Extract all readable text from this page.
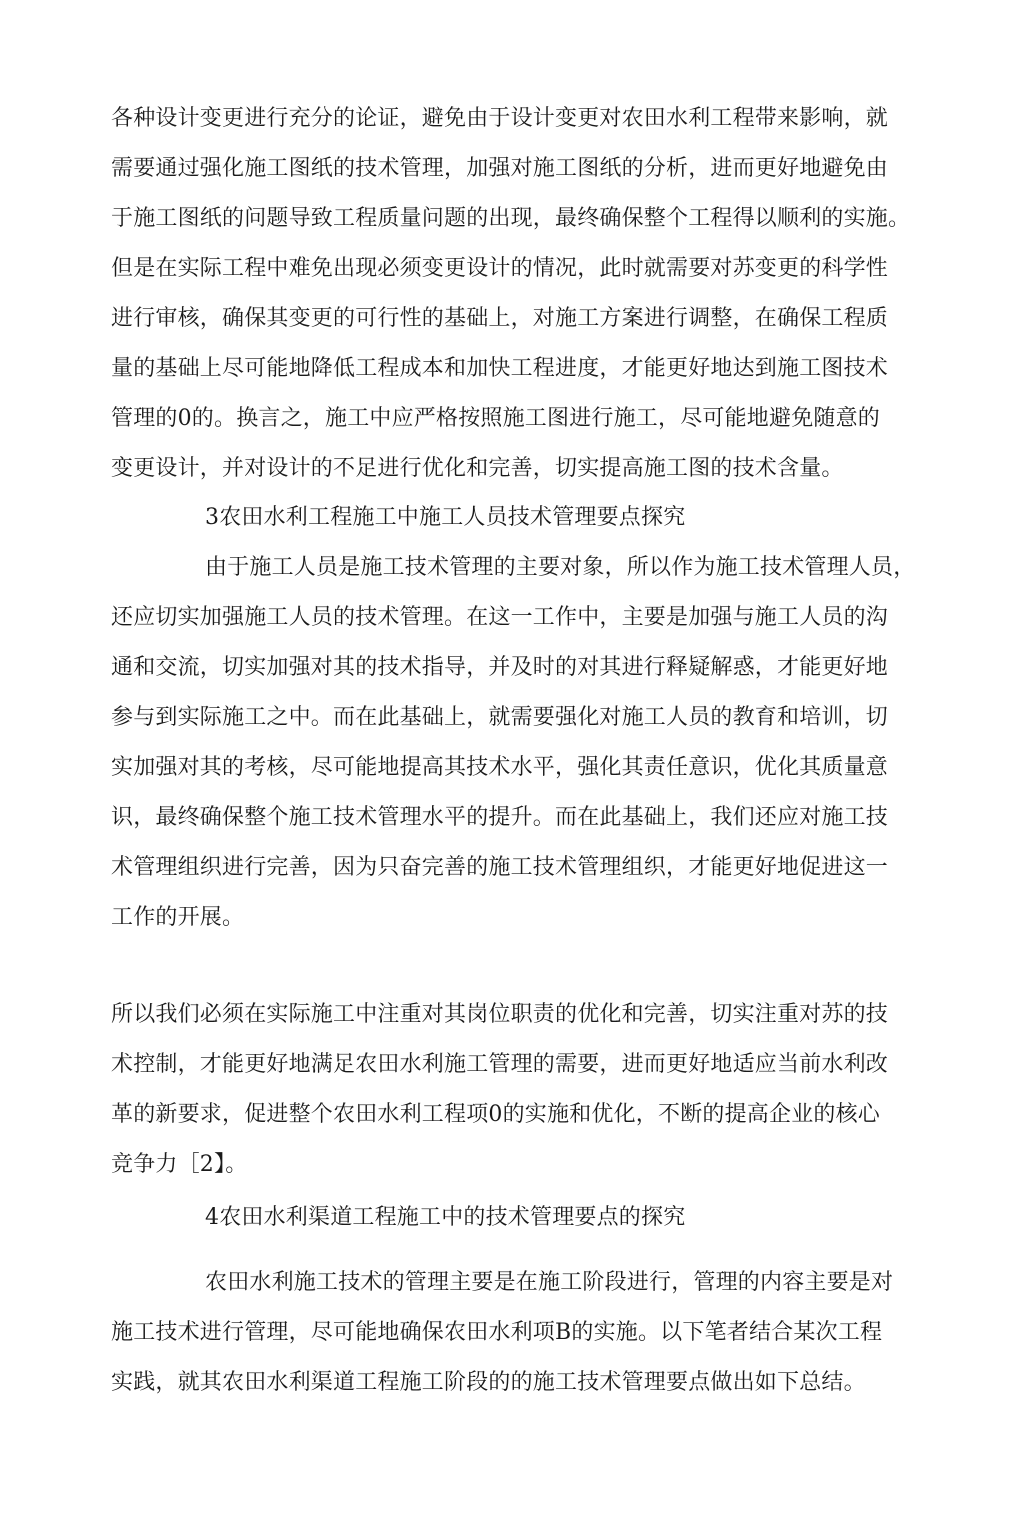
各种设计变更进行充分的论证，避免由于设计变更对农田水利工程带来影响，就
需要通过强化施工图纸的技术管理，加强对施工图纸的分析，进而更好地避免由
于施工图纸的问题导致工程质量问题的出现，最终确保整个工程得以顺利的实施。
但是在实际工程中难免出现必须变更设计的情况，此时就需要对苏变更的科学性
进行审核，确保其变更的可行性的基础上，对施工方案进行调整，在确保工程质
量的基础上尽可能地降低工程成本和加快工程进度，才能更好地达到施工图技术
管理的0的。换言之，施工中应严格按照施工图进行施工，尽可能地避免随意的
变更设计，并对设计的不足进行优化和完善，切实提高施工图的技术含量。
3农田水利工程施工中施工人员技术管理要点探究
由于施工人员是施工技术管理的主要对象，所以作为施工技术管理人员，
还应切实加强施工人员的技术管理。在这一工作中，主要是加强与施工人员的沟
通和交流，切实加强对其的技术指导，并及时的对其进行释疑解惑，才能更好地
参与到实际施工之中。而在此基础上，就需要强化对施工人员的教育和培训，切
实加强对其的考核，尽可能地提高其技术水平，强化其责任意识，优化其质量意
识，最终确保整个施工技术管理水平的提升。而在此基础上，我们还应对施工技
术管理组织进行完善，因为只奋完善的施工技术管理组织，才能更好地促进这一
工作的开展。
所以我们必须在实际施工中注重对其岗位职责的优化和完善，切实注重对苏的技
术控制，才能更好地满足农田水利施工管理的需要，进而更好地适应当前水利改
革的新要求，促进整个农田水利工程项0的实施和优化，不断的提高企业的核心
竞争力［2】。
4农田水利渠道工程施工中的技术管理要点的探究
农田水利施工技术的管理主要是在施工阶段进行，管理的内容主要是对
施工技术进行管理，尽可能地确保农田水利项B的实施。以下笔者结合某次工程
实践，就其农田水利渠道工程施工阶段的的施工技术管理要点做出如下总结。
